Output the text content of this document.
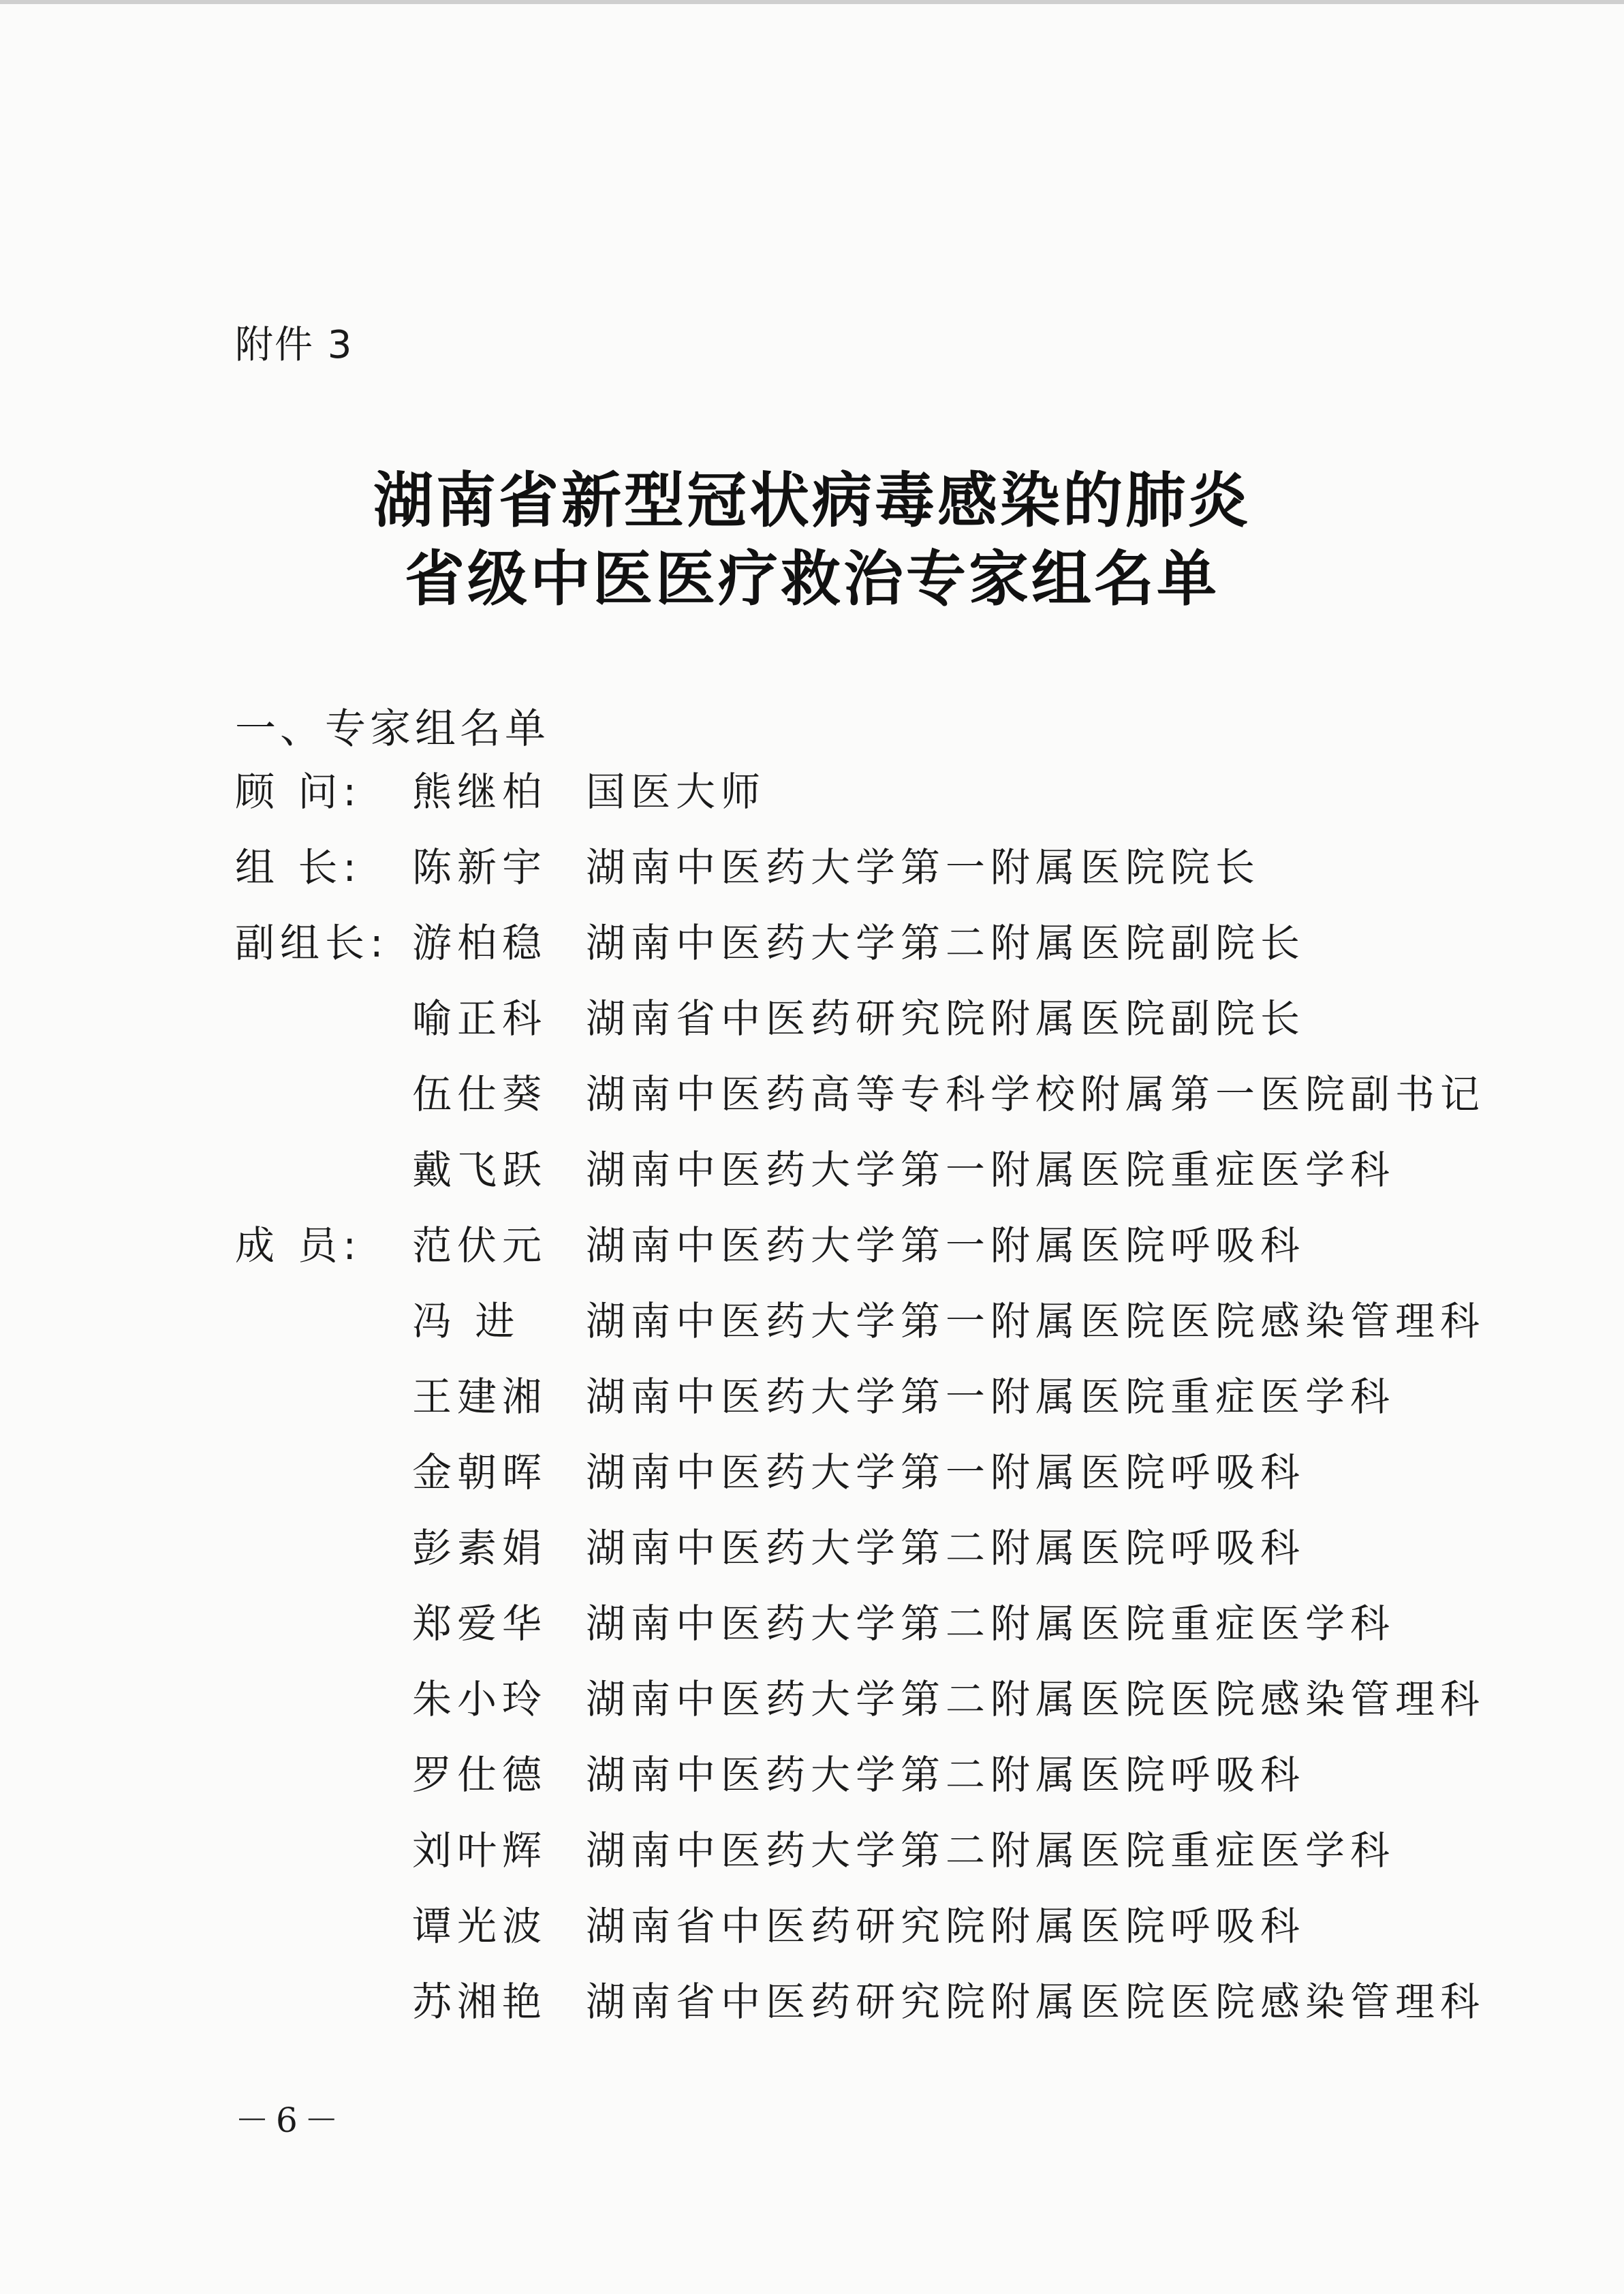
附件 3
湖南省新型冠状病毒感染的肺炎
省级中医医疗救治专家组名单
一、专家组名单
顾 问:	熊继柏 国医大师
组 长:	陈新宇 湖南中医药大学第一附属医院院长
副组长: 游柏稳 湖南中医药大学第二附属医院副院长
喻正科 湖南省中医药研究院附属医院副院长
伍仕葵 湖南中医药高等专科学校附属第一医院副书记
戴飞跃 湖南中医药大学第一附属医院重症医学科
成 员:	范伏元 湖南中医药大学第一附属医院呼吸科
冯 进	湖南中医药大学第一附属医院医院感染管理科
王建湘 湖南中医药大学第一附属医院重症医学科
金朝晖 湖南中医药大学第一附属医院呼吸科
彭素娟 湖南中医药大学第二附属医院呼吸科
郑爱华 湖南中医药大学第二附属医院重症医学科
朱小玲 湖南中医药大学第二附属医院医院感染管理科
罗仕德 湖南中医药大学第二附属医院呼吸科
刘叶辉 湖南中医药大学第二附属医院重症医学科
谭光波 湖南省中医药研究院附属医院呼吸科
苏湘艳 湖南省中医药研究院附属医院医院感染管理科
－6－
